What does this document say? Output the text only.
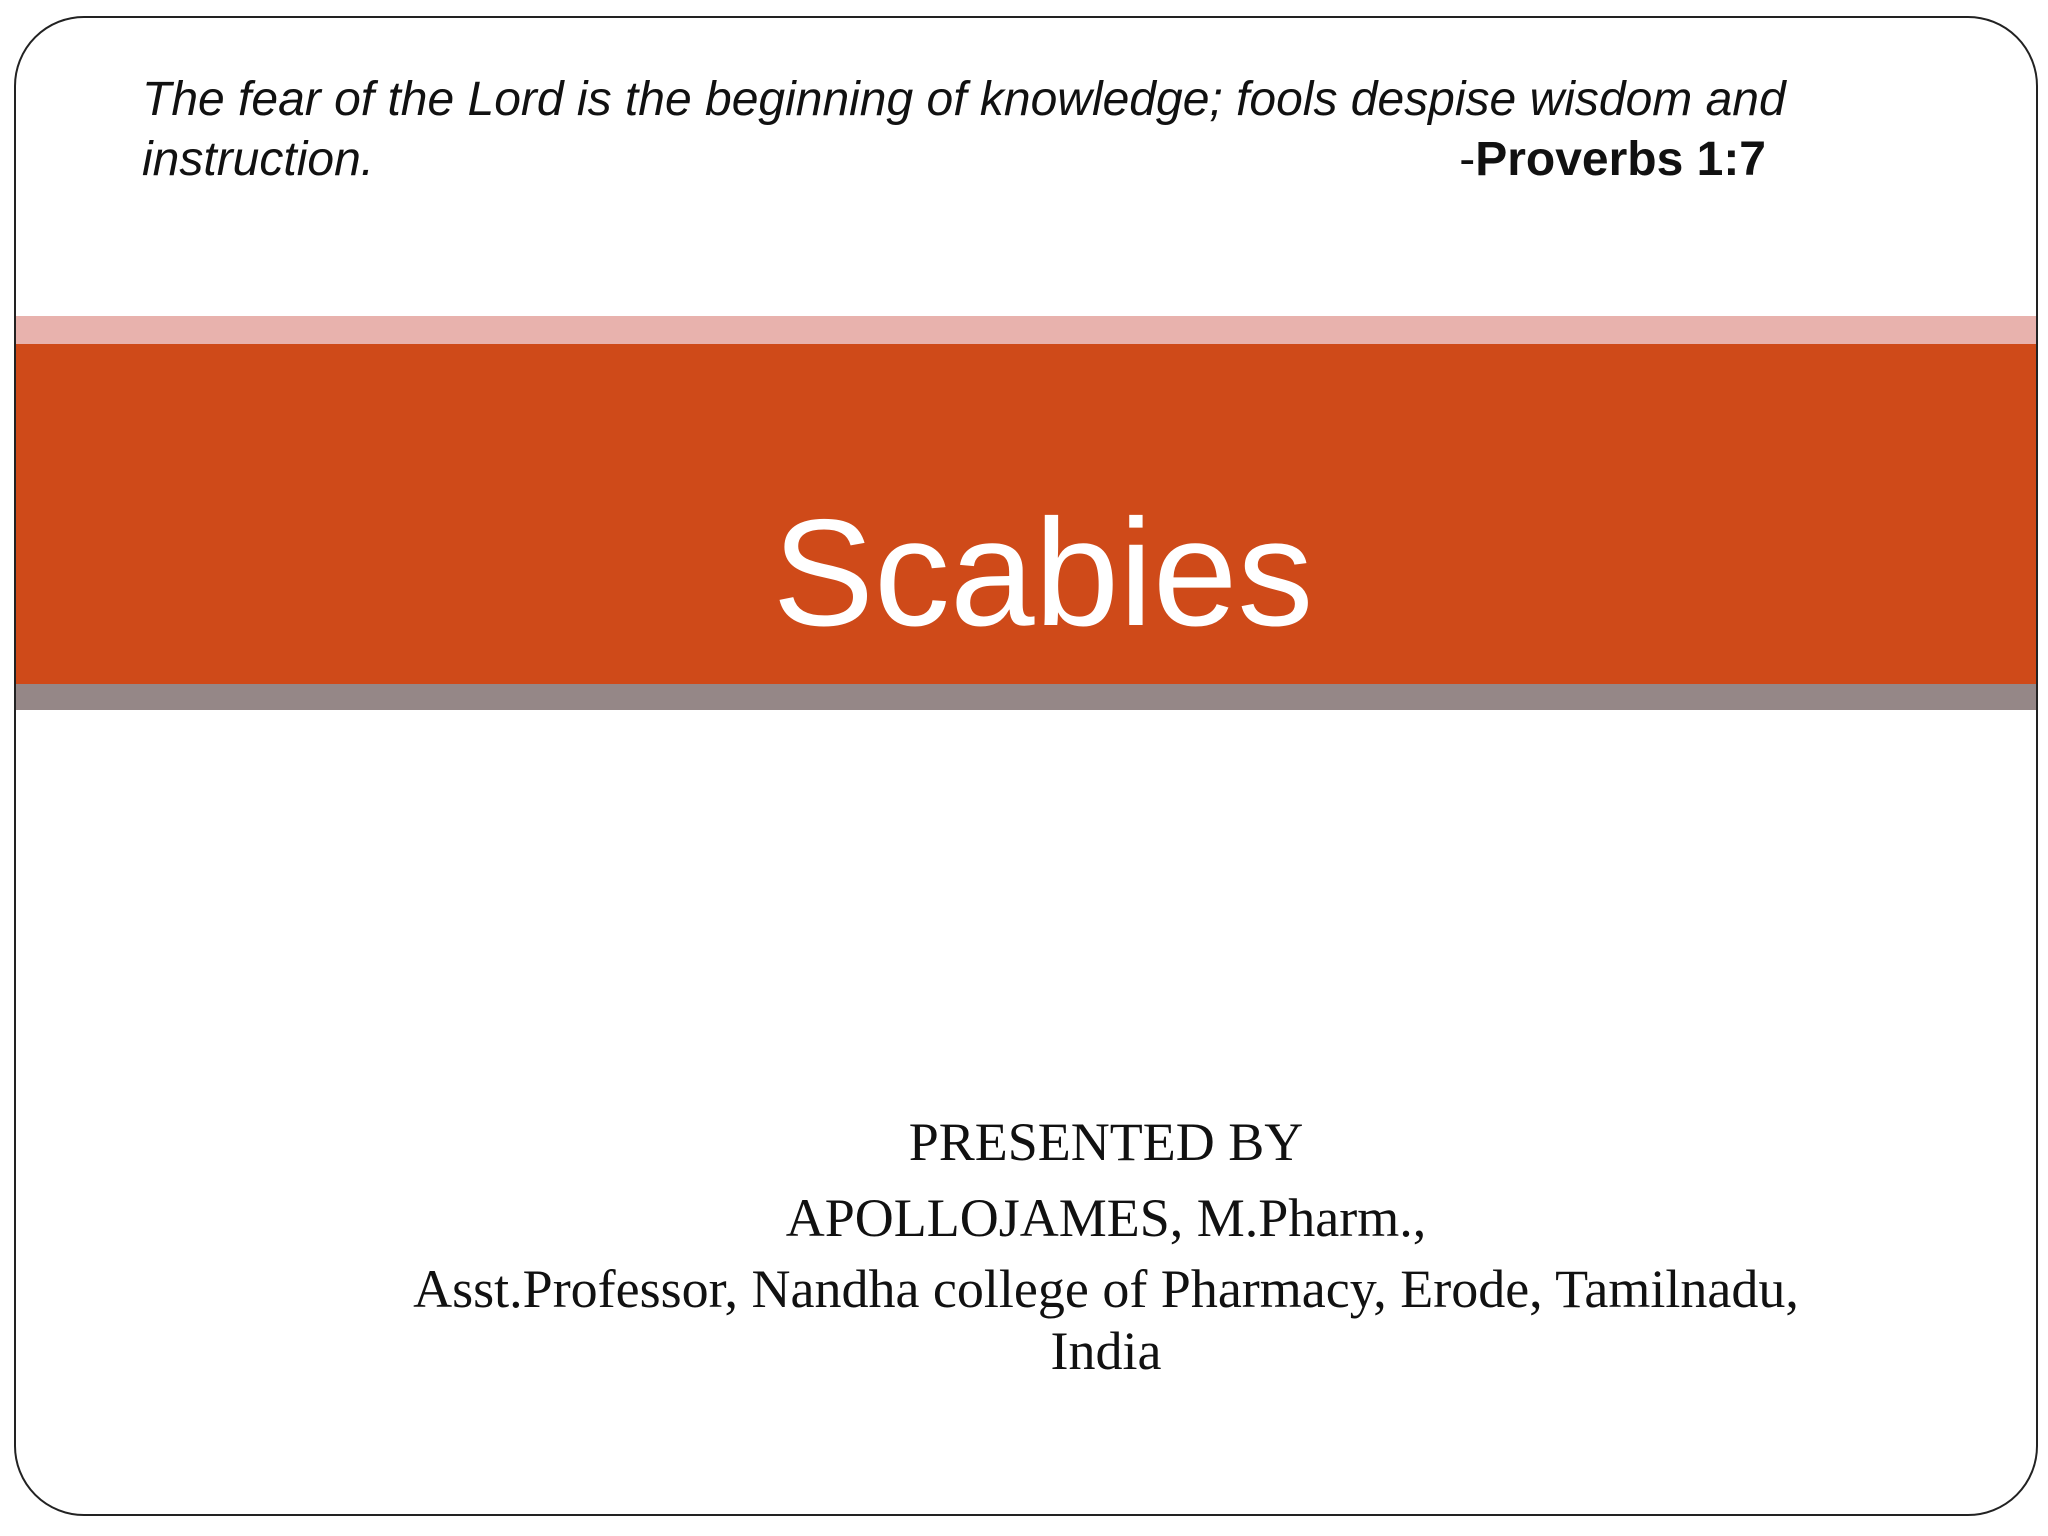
The fear of the Lord is the beginning of knowledge; fools despise wisdom and
instruction.	-Proverbs 1:7
Scabies
PRESENTED BY
APOLLOJAMES, M.Pharm.,
Asst.Professor, Nandha college of Pharmacy, Erode, Tamilnadu,
India
